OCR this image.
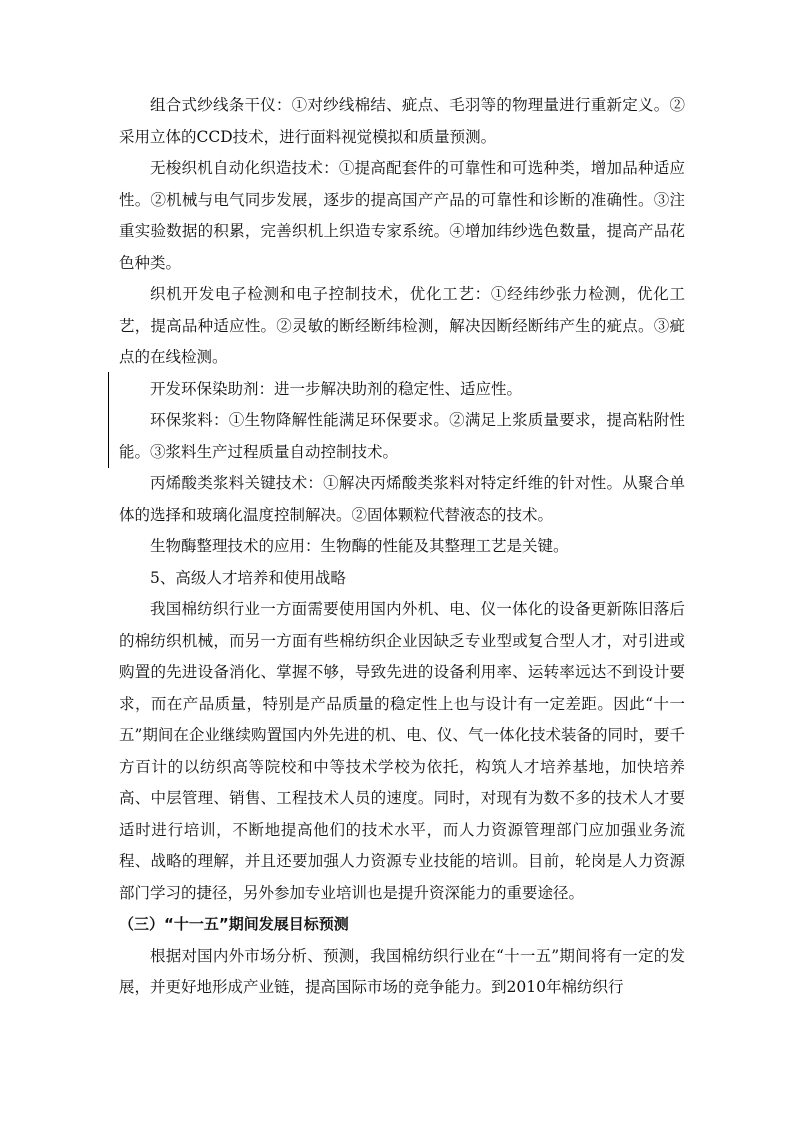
组合式纱线条干仪：①对纱线棉结、疵点、毛羽等的物理量进行重新定义。②采用立体的CCD技术，进行面料视觉模拟和质量预测。

无梭织机自动化织造技术：①提高配套件的可靠性和可选种类，增加品种适应性。②机械与电气同步发展，逐步的提高国产产品的可靠性和诊断的准确性。③注重实验数据的积累，完善织机上织造专家系统。④增加纬纱选色数量，提高产品花色种类。

织机开发电子检测和电子控制技术，优化工艺：①经纬纱张力检测，优化工艺，提高品种适应性。②灵敏的断经断纬检测，解决因断经断纬产生的疵点。③疵点的在线检测。

开发环保染助剂：进一步解决助剂的稳定性、适应性。

环保浆料：①生物降解性能满足环保要求。②满足上浆质量要求，提高粘附性能。③浆料生产过程质量自动控制技术。

丙烯酸类浆料关键技术：①解决丙烯酸类浆料对特定纤维的针对性。从聚合单体的选择和玻璃化温度控制解决。②固体颗粒代替液态的技术。

生物酶整理技术的应用：生物酶的性能及其整理工艺是关键。

5、高级人才培养和使用战略

我国棉纺织行业一方面需要使用国内外机、电、仪一体化的设备更新陈旧落后的棉纺织机械，而另一方面有些棉纺织企业因缺乏专业型或复合型人才，对引进或购置的先进设备消化、掌握不够，导致先进的设备利用率、运转率远达不到设计要求，而在产品质量，特别是产品质量的稳定性上也与设计有一定差距。因此“十一五”期间在企业继续购置国内外先进的机、电、仪、气一体化技术装备的同时，要千方百计的以纺织高等院校和中等技术学校为依托，构筑人才培养基地，加快培养高、中层管理、销售、工程技术人员的速度。同时，对现有为数不多的技术人才要适时进行培训，不断地提高他们的技术水平，而人力资源管理部门应加强业务流程、战略的理解，并且还要加强人力资源专业技能的培训。目前，轮岗是人力资源部门学习的捷径，另外参加专业培训也是提升资深能力的重要途径。

（三）“十一五”期间发展目标预测

根据对国内外市场分析、预测，我国棉纺织行业在“十一五”期间将有一定的发展，并更好地形成产业链，提高国际市场的竞争能力。到2010年棉纺织行
